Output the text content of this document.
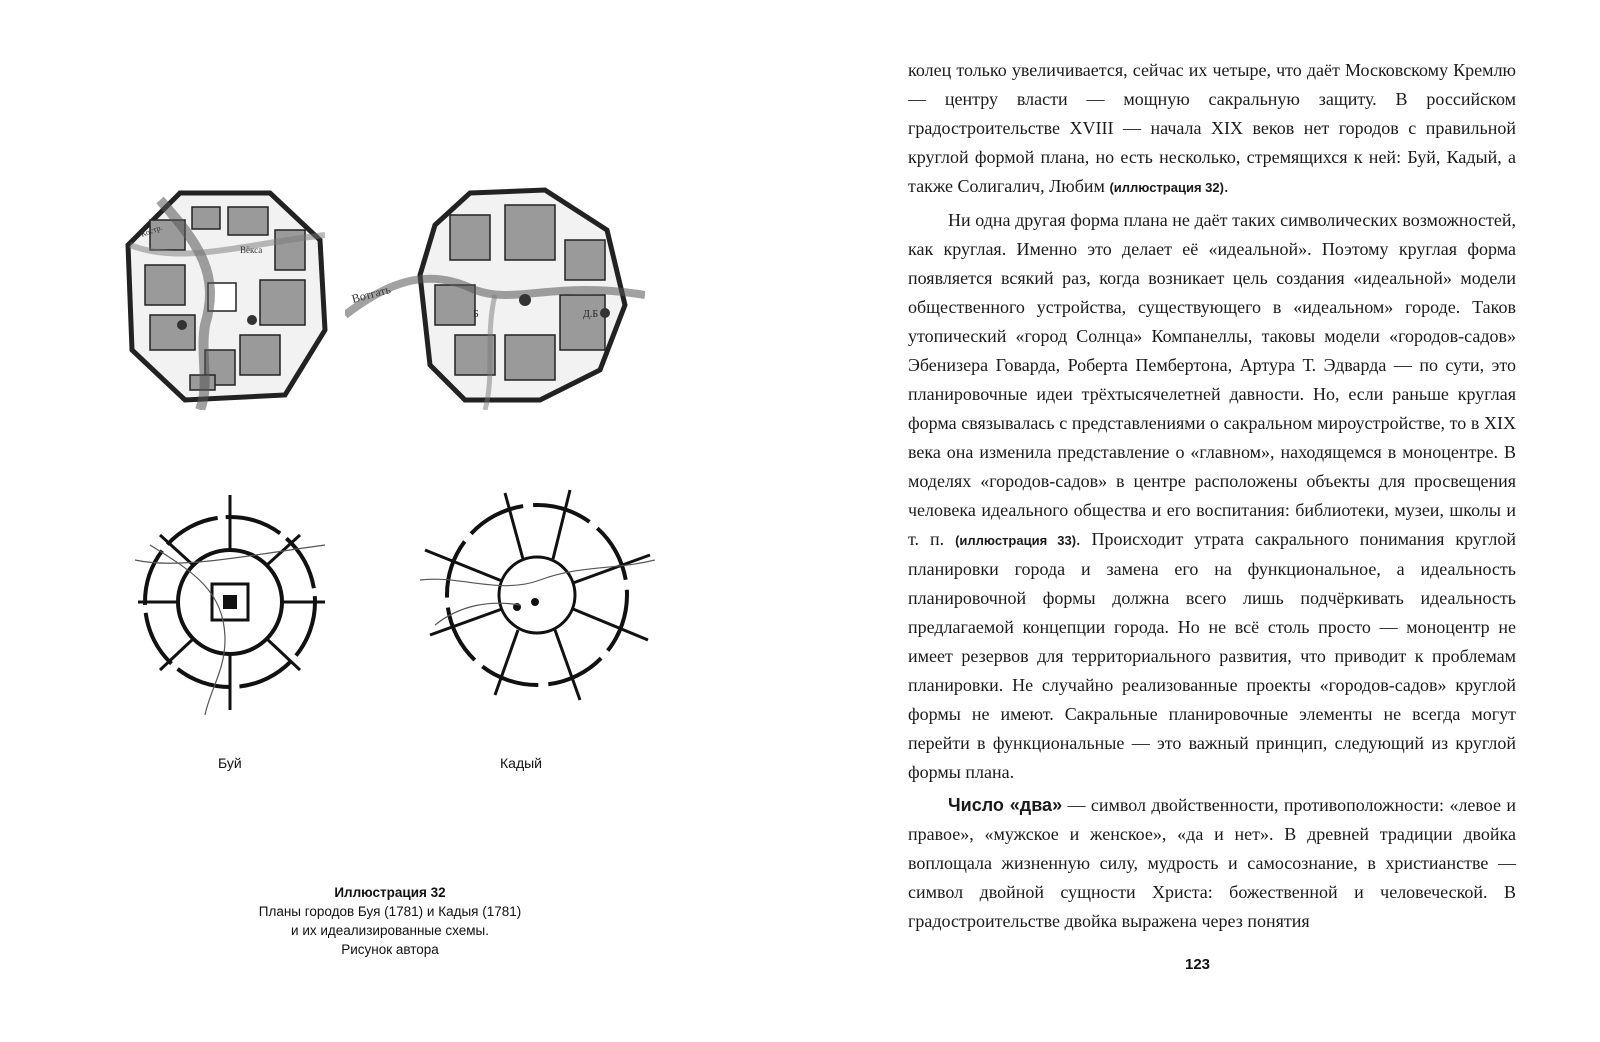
Вёкса
Костр.
Вотгать
Б	Д.Б
Буй	Кадый
Иллюстрация 32
Планы городов Буя (1781) и Кадыя (1781)
и их идеализированные схемы.
Рисунок автора

колец только увеличивается, сейчас их четыре, что даёт Московскому Кремлю — центру власти — мощную сакральную защиту. В российском градостроительстве XVIII — начала XIX веков нет городов с правильной круглой формой плана, но есть несколько, стремящихся к ней: Буй, Кадый, а также Солигалич, Любим (иллюстрация 32).

Ни одна другая форма плана не даёт таких символических возможностей, как круглая. Именно это делает её «идеальной». Поэтому круглая форма появляется всякий раз, когда возникает цель создания «идеальной» модели общественного устройства, существующего в «идеальном» городе. Таков утопический «город Солнца» Компанеллы, таковы модели «городов-садов» Эбенизера Говарда, Роберта Пембертона, Артура Т. Эдварда — по сути, это планировочные идеи трёхтысячелетней давности. Но, если раньше круглая форма связывалась с представлениями о сакральном мироустройстве, то в XIX века она изменила представление о «главном», находящемся в моноцентре. В моделях «городов-садов» в центре расположены объекты для просвещения человека идеального общества и его воспитания: библиотеки, музеи, школы и т. п. (иллюстрация 33). Происходит утрата сакрального понимания круглой планировки города и замена его на функциональное, а идеальность планировочной формы должна всего лишь подчёркивать идеальность предлагаемой концепции города. Но не всё столь просто — моноцентр не имеет резервов для территориального развития, что приводит к проблемам планировки. Не случайно реализованные проекты «городов-садов» круглой формы не имеют. Сакральные планировочные элементы не всегда могут перейти в функциональные — это важный принцип, следующий из круглой формы плана.

Число «два» — символ двойственности, противоположности: «левое и правое», «мужское и женское», «да и нет». В древней традиции двойка воплощала жизненную силу, мудрость и самосознание, в христианстве — символ двойной сущности Христа: божественной и человеческой. В градостроительстве двойка выражена через понятия

123
